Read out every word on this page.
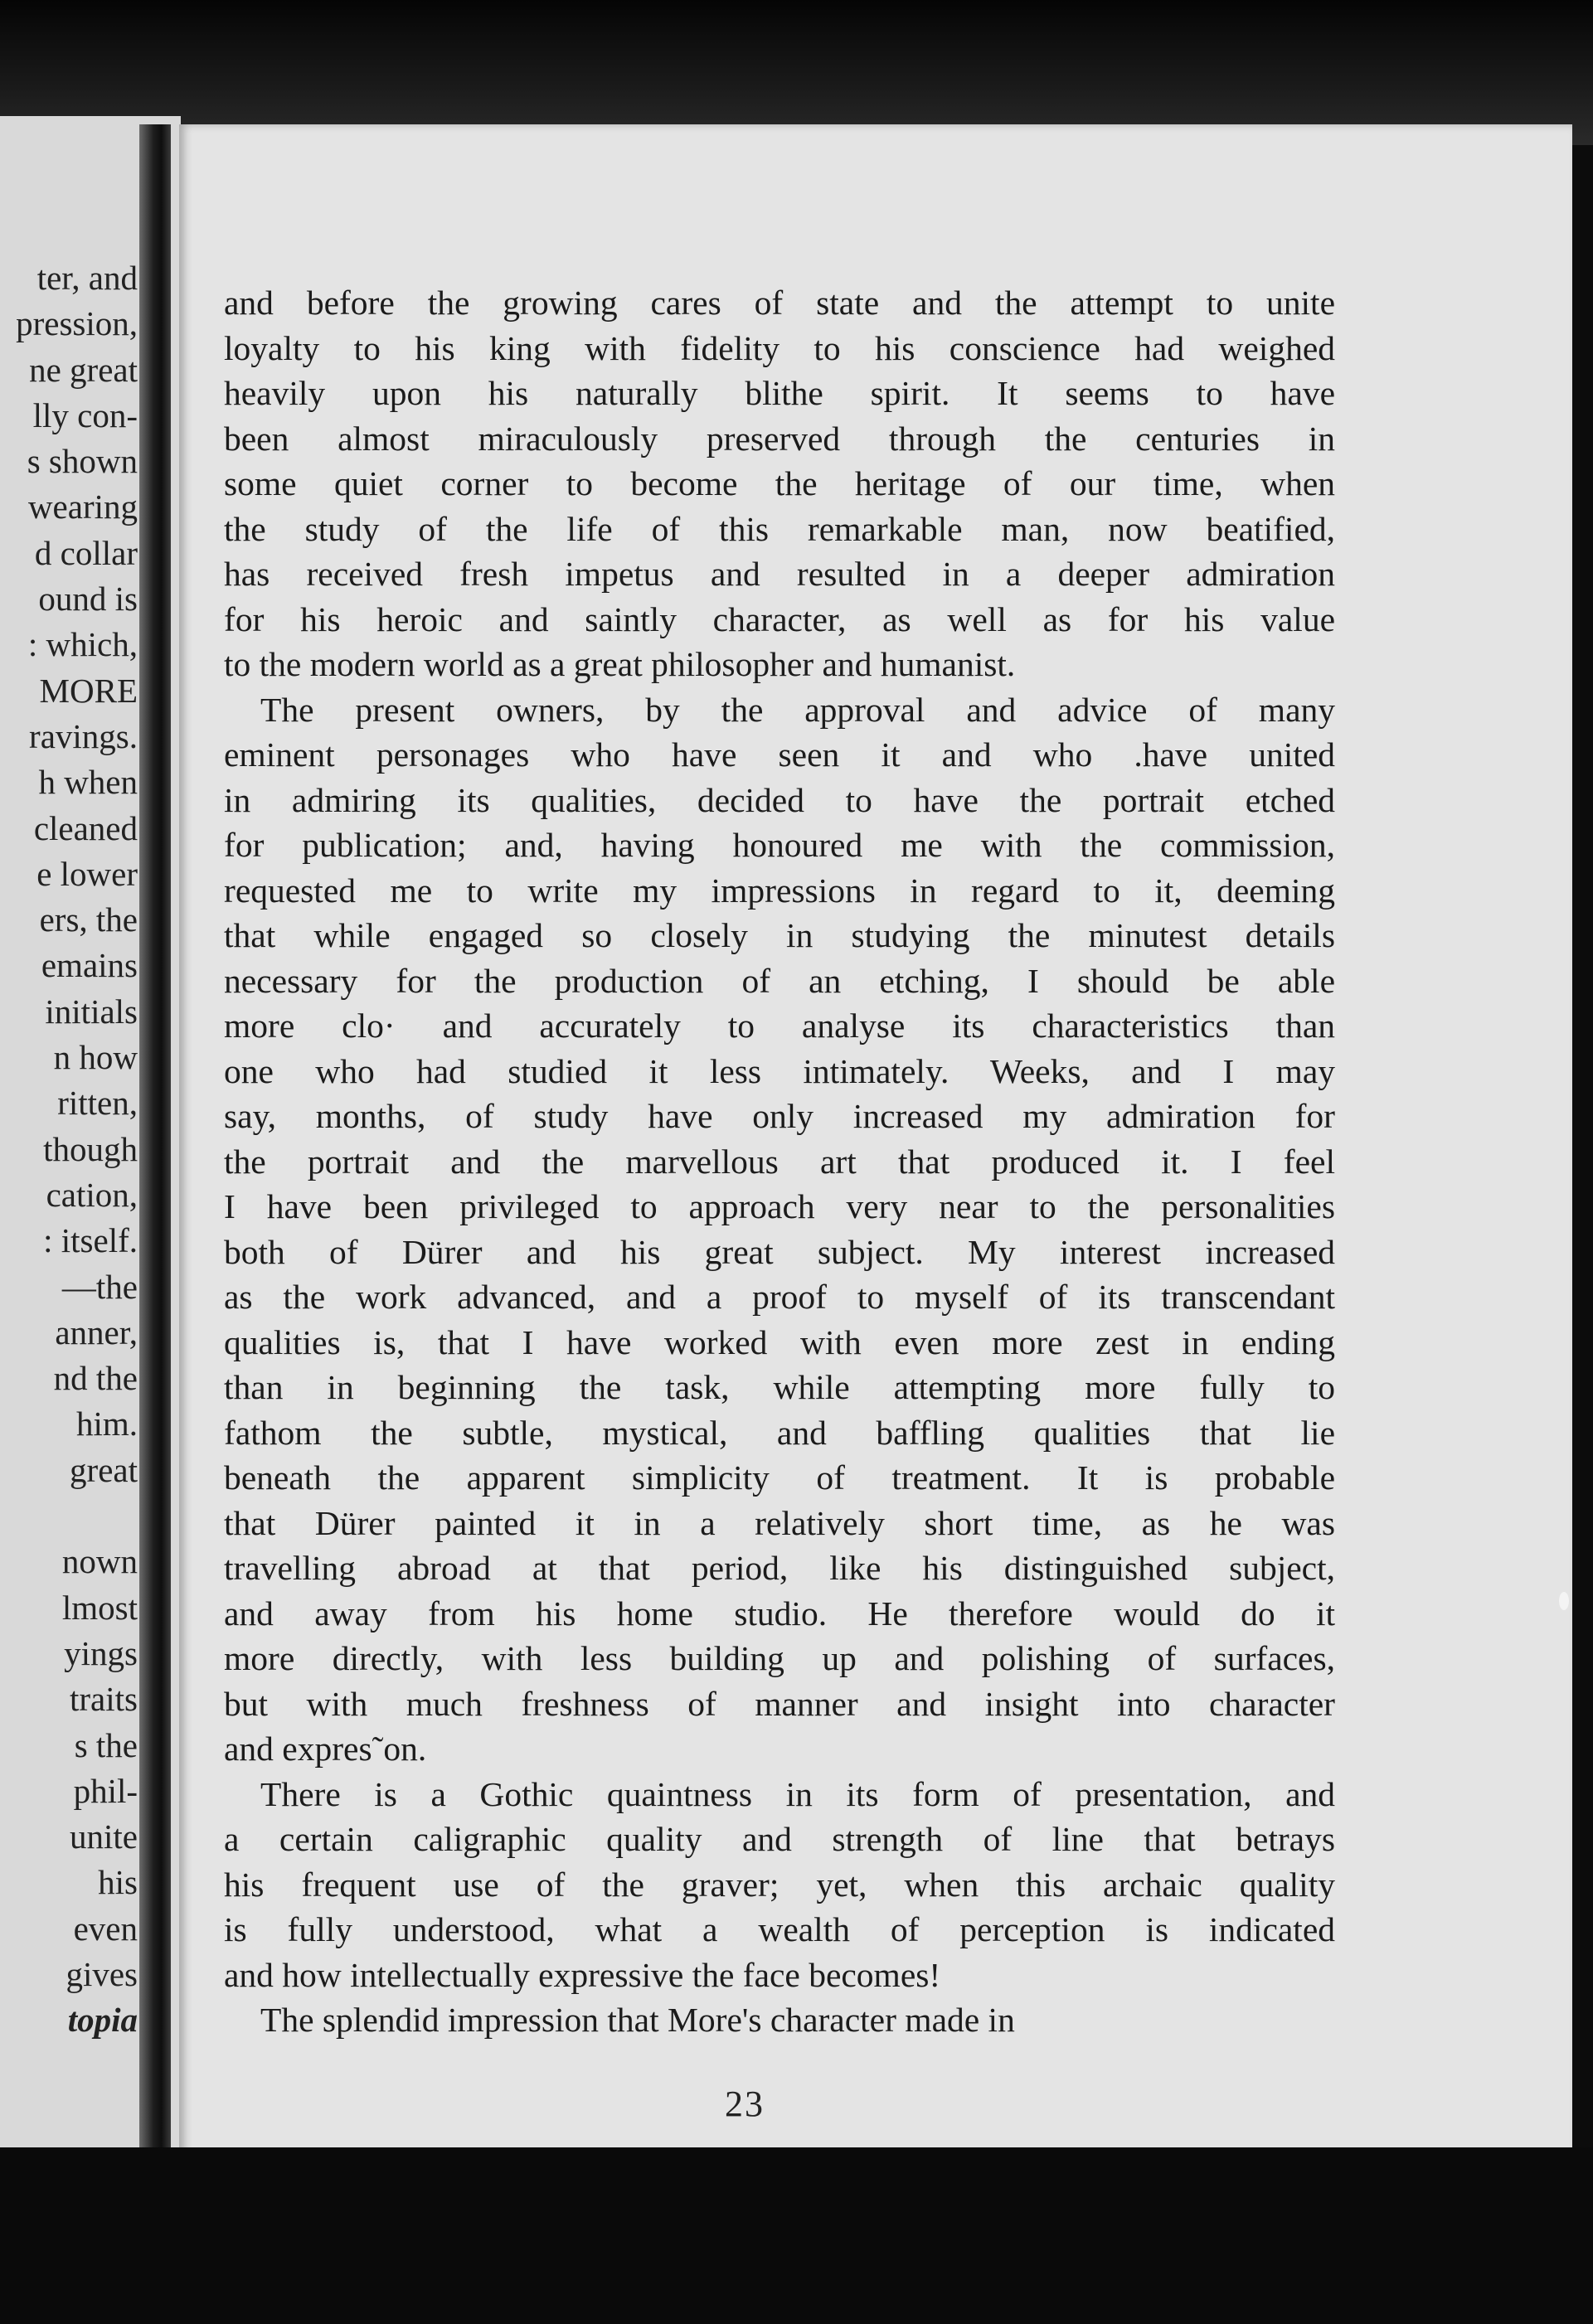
ter, and
pression,
ne great
lly con-
s shown
wearing
d collar
ound is
: which,
MORE
ravings.
h when
cleaned
e lower
ers, the
emains
initials
n how
ritten,
though
cation,
: itself.
—the
anner,
nd the
him.
great
nown
lmost
yings
traits
s the
phil-
unite
his
even
gives
topia
and before the growing cares of state and the attempt to unite
loyalty to his king with fidelity to his conscience had weighed
heavily upon his naturally blithe spirit. It seems to have
been almost miraculously preserved through the centuries in
some quiet corner to become the heritage of our time, when
the study of the life of this remarkable man, now beatified,
has received fresh impetus and resulted in a deeper admiration
for his heroic and saintly character, as well as for his value
to the modern world as a great philosopher and humanist.
The present owners, by the approval and advice of many
eminent personages who have seen it and who .have united
in admiring its qualities, decided to have the portrait etched
for publication; and, having honoured me with the commission,
requested me to write my impressions in regard to it, deeming
that while engaged so closely in studying the minutest details
necessary for the production of an etching, I should be able
more clo· and accurately to analyse its characteristics than
one who had studied it less intimately. Weeks, and I may
say, months, of study have only increased my admiration for
the portrait and the marvellous art that produced it. I feel
I have been privileged to approach very near to the personalities
both of Dürer and his great subject. My interest increased
as the work advanced, and a proof to myself of its transcendant
qualities is, that I have worked with even more zest in ending
than in beginning the task, while attempting more fully to
fathom the subtle, mystical, and baffling qualities that lie
beneath the apparent simplicity of treatment. It is probable
that Dürer painted it in a relatively short time, as he was
travelling abroad at that period, like his distinguished subject,
and away from his home studio. He therefore would do it
more directly, with less building up and polishing of surfaces,
but with much freshness of manner and insight into character
and expres˜on.
There is a Gothic quaintness in its form of presentation, and
a certain caligraphic quality and strength of line that betrays
his frequent use of the graver; yet, when this archaic quality
is fully understood, what a wealth of perception is indicated
and how intellectually expressive the face becomes!
The splendid impression that More's character made in
23
